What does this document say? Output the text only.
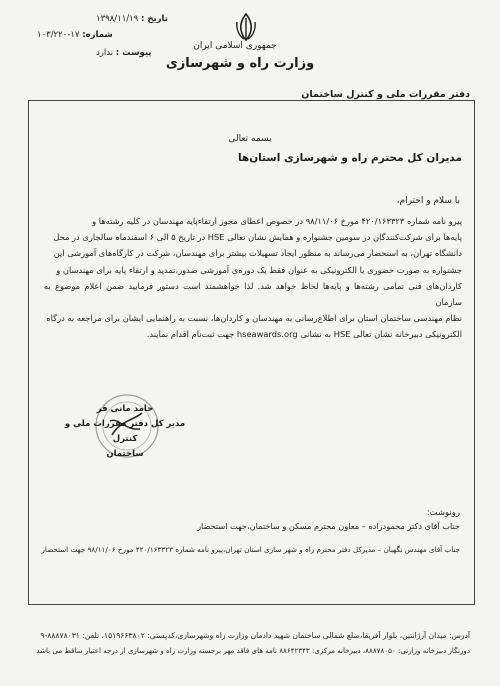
تاریخ : ۱۳۹۸/۱۱/۱۹
شماره: ۱۷-۱۰۳/۲۲۰
پیوست : ندارد
جمهوری اسلامی ایران
وزارت راه و شهرسازی
دفتر مقررات ملی و کنترل ساختمان
بسمه تعالی
مدیران کل محترم راه و شهرسازی استان‌ها
با سلام و احترام،
پیرو نامه شماره ۴۲۰/۱۶۳۳۲۳ مورخ ۹۸/۱۱/۰۶ در خصوص اعطای مجوز ارتقاءپایه مهندسان در کلیه رشته‌ها و
پایه‌ها برای شرکت‌کنندگان در سومین جشنواره و همایش نشان تعالی HSE در تاریخ ۵ الی ۶ اسفندماه سالجاری در محل
دانشگاه تهران، به استحضار می‌رساند به منظور ایجاد تسهیلات بیشتر برای مهندسان، شرکت در کارگاه‌های آموزشی این
جشنواره به صورت حضوری یا الکترونیکی به عنوان فقط یک دوره‌ی آموزشی صدور،تمدید و ارتقاء پایه برای مهندسان و
کاردان‌های فنی تمامی رشته‌ها و پایه‌ها لحاظ خواهد شد. لذا خواهشمند است دستور فرمایید ضمن اعلام موضوع به سازمان
نظام مهندسی ساختمان استان برای اطلاع‌رسانی به مهندسان و کاردان‌ها، نسبت به راهنمایی ایشان برای مراجعه به درگاه
الکترونیکی دبیرخانه نشان تعالی HSE به نشانی hseawards.org جهت ثبت‌نام اقدام نمایند.
حامد مانی فر
مدیر کل دفتر مقررات ملی و کنترل
ساختمان
رونوشت:
جناب آقای دکتر محمودزاده – معاون محترم مسکن و ساختمان،جهت استحضار
جناب آقای مهندس نگهبان – مدیرکل دفتر محترم راه و شهر سازی استان تهران،پیرو نامه شماره ۴۲۰/۱۶۳۳۲۳ مورخ ۹۸/۱۱/۰۶ جهت استحضار
آدرس: میدان آرژانتین، بلوار آفریقا،ضلع شمالی ساختمان شهید دادمان وزارت راه وشهرسازی،کدپستی: ۱۵۱۹۶۶۳۸۰۲، تلفن: ۸۸۸۷۸۰۳۱-۹
دورنگار دبیرخانه وزارتی: ۸۸۸۷۸۰۵۰، دبیرخانه مرکزی: ۸۸۶۴۲۳۴۳ نامه های فاقد مهر برجسته وزارت راه و شهرسازی از درجه اعتبار ساقط می باشد
